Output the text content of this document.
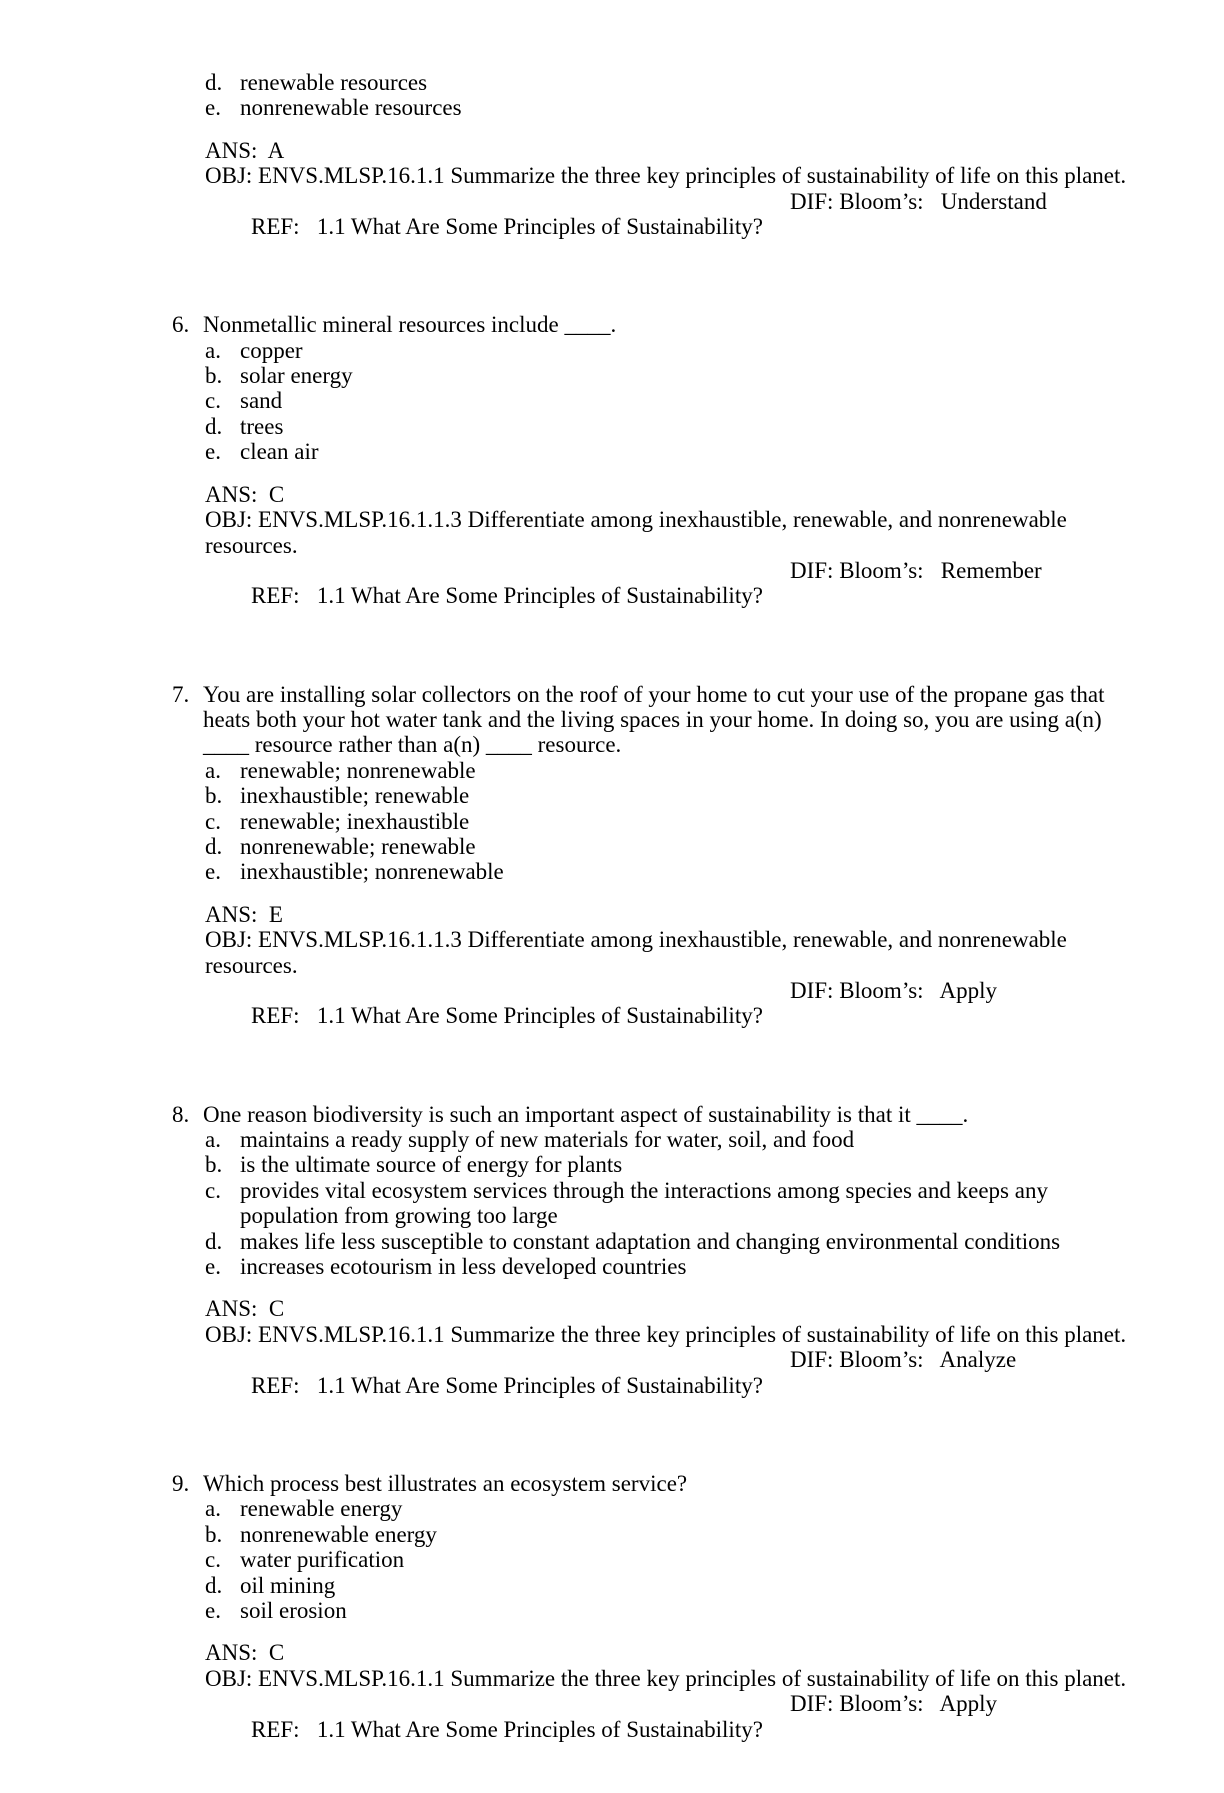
d. renewable resources
e. nonrenewable resources
ANS:  A
OBJ: ENVS.MLSP.16.1.1 Summarize the three key principles of sustainability of life on this planet.

REF:   1.1 What Are Some Principles of Sustainability?

DIF: Bloom’s:   Understand

6. Nonmetallic mineral resources include ____.
a. copper
b. solar energy
c. sand
d. trees
e. clean air
ANS:  C
OBJ: ENVS.MLSP.16.1.1.3 Differentiate among inexhaustible, renewable, and nonrenewable
resources.

REF:   1.1 What Are Some Principles of Sustainability?

DIF: Bloom’s:   Remember

7. You are installing solar collectors on the roof of your home to cut your use of the propane gas that
heats both your hot water tank and the living spaces in your home. In doing so, you are using a(n)
____ resource rather than a(n) ____ resource.
a. renewable; nonrenewable
b. inexhaustible; renewable
c. renewable; inexhaustible
d. nonrenewable; renewable
e. inexhaustible; nonrenewable
ANS:  E
OBJ: ENVS.MLSP.16.1.1.3 Differentiate among inexhaustible, renewable, and nonrenewable
resources.

REF:   1.1 What Are Some Principles of Sustainability?

DIF: Bloom’s:   Apply

8. One reason biodiversity is such an important aspect of sustainability is that it ____.
a. maintains a ready supply of new materials for water, soil, and food
b. is the ultimate source of energy for plants
c. provides vital ecosystem services through the interactions among species and keeps any
population from growing too large
d. makes life less susceptible to constant adaptation and changing environmental conditions
e. increases ecotourism in less developed countries
ANS:  C
OBJ: ENVS.MLSP.16.1.1 Summarize the three key principles of sustainability of life on this planet.

REF:   1.1 What Are Some Principles of Sustainability?

DIF: Bloom’s:   Analyze

9. Which process best illustrates an ecosystem service?
a. renewable energy
b. nonrenewable energy
c. water purification
d. oil mining
e. soil erosion
ANS:  C
OBJ: ENVS.MLSP.16.1.1 Summarize the three key principles of sustainability of life on this planet.

REF:   1.1 What Are Some Principles of Sustainability?

DIF: Bloom’s:   Apply
